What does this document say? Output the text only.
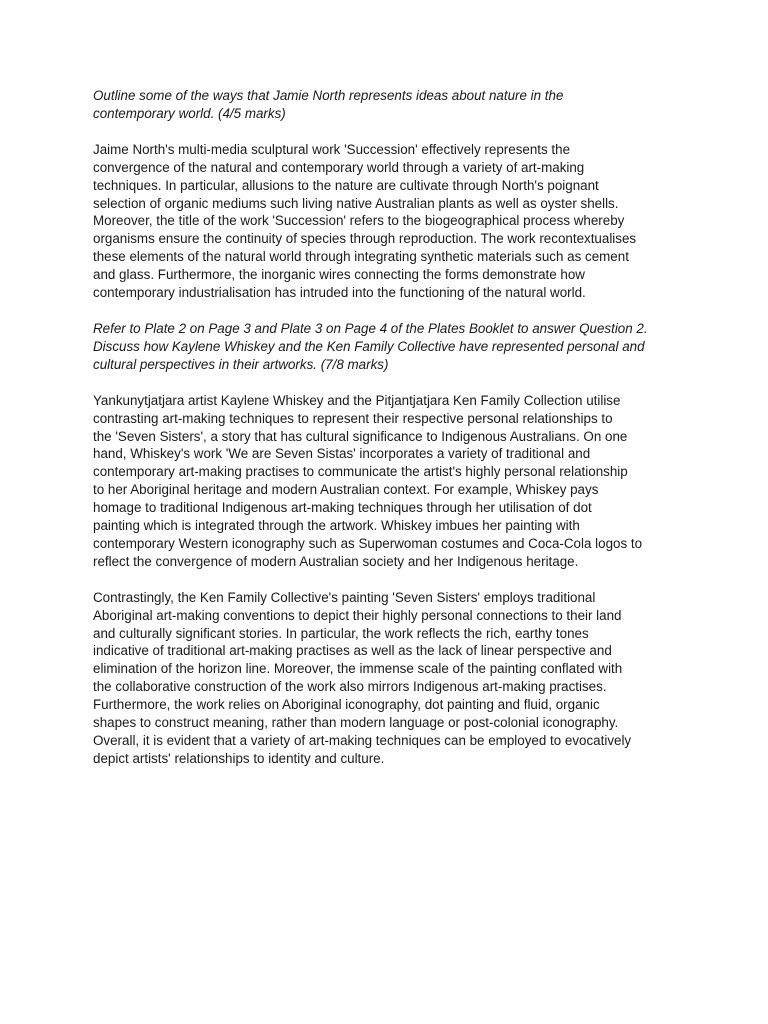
Outline some of the ways that Jamie North represents ideas about nature in the
contemporary world. (4/5 marks)

Jaime North's multi-media sculptural work 'Succession' effectively represents the
convergence of the natural and contemporary world through a variety of art-making
techniques. In particular, allusions to the nature are cultivate through North's poignant
selection of organic mediums such living native Australian plants as well as oyster shells.
Moreover, the title of the work 'Succession' refers to the biogeographical process whereby
organisms ensure the continuity of species through reproduction. The work recontextualises
these elements of the natural world through integrating synthetic materials such as cement
and glass. Furthermore, the inorganic wires connecting the forms demonstrate how
contemporary industrialisation has intruded into the functioning of the natural world.

Refer to Plate 2 on Page 3 and Plate 3 on Page 4 of the Plates Booklet to answer Question 2.
Discuss how Kaylene Whiskey and the Ken Family Collective have represented personal and
cultural perspectives in their artworks. (7/8 marks)

Yankunytjatjara artist Kaylene Whiskey and the Pitjantjatjara Ken Family Collection utilise
contrasting art-making techniques to represent their respective personal relationships to
the 'Seven Sisters', a story that has cultural significance to Indigenous Australians. On one
hand, Whiskey's work 'We are Seven Sistas' incorporates a variety of traditional and
contemporary art-making practises to communicate the artist's highly personal relationship
to her Aboriginal heritage and modern Australian context. For example, Whiskey pays
homage to traditional Indigenous art-making techniques through her utilisation of dot
painting which is integrated through the artwork. Whiskey imbues her painting with
contemporary Western iconography such as Superwoman costumes and Coca-Cola logos to
reflect the convergence of modern Australian society and her Indigenous heritage.

Contrastingly, the Ken Family Collective's painting 'Seven Sisters' employs traditional
Aboriginal art-making conventions to depict their highly personal connections to their land
and culturally significant stories. In particular, the work reflects the rich, earthy tones
indicative of traditional art-making practises as well as the lack of linear perspective and
elimination of the horizon line. Moreover, the immense scale of the painting conflated with
the collaborative construction of the work also mirrors Indigenous art-making practises.
Furthermore, the work relies on Aboriginal iconography, dot painting and fluid, organic
shapes to construct meaning, rather than modern language or post-colonial iconography.
Overall, it is evident that a variety of art-making techniques can be employed to evocatively
depict artists' relationships to identity and culture.
